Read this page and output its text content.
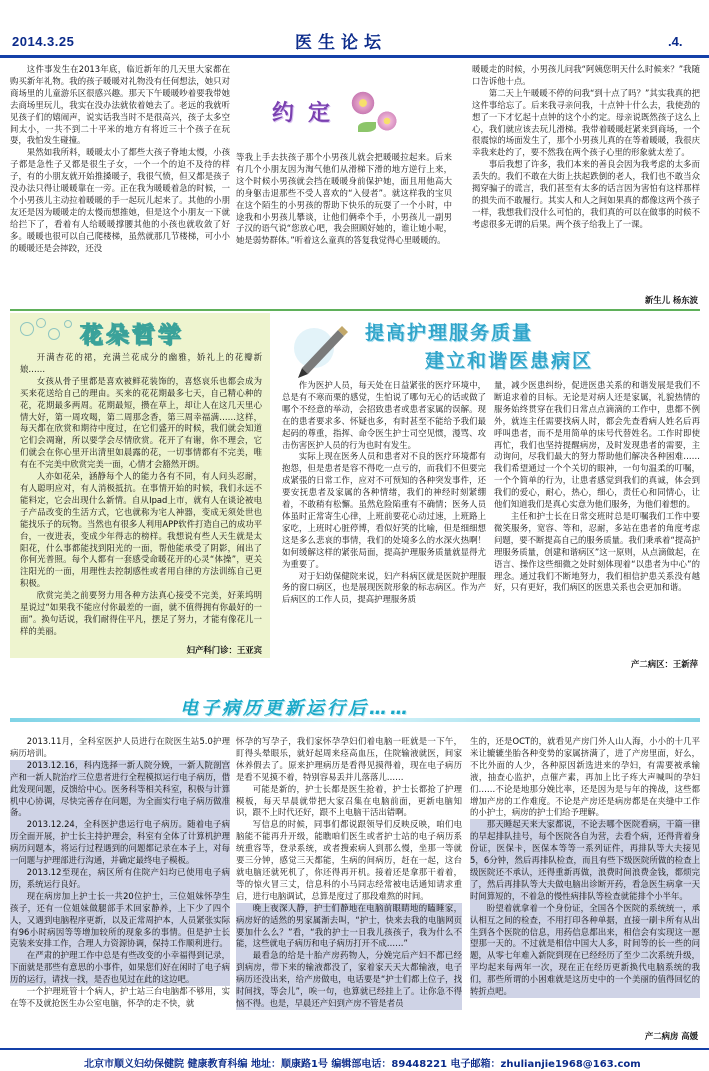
2014.3.25	医生论坛	.4.

这件事发生在2013年底，临近新年的几天里大家都在购买新年礼物。我的孩子暖暖对礼物没有任何想法，她只对商场里的儿童游乐区很感兴趣。那天下午暖暖吵着要我带她去商场里玩儿，我实在没办法就依着她去了。老远的我就听见孩子们的嬉闹声，说实话我当时不是很高兴，孩子太多空间太小，一共不到二十平米的地方有将近三十个孩子在玩耍，我怕发生碰撞。

果然如我所料，暖暖太小了都些大孩子脊地太慢，小孩子都是急性子又都是很生子女，一个一个的迫不及待的样子，有的小朋友就开始推搡暖子，我很气愤，但又都是孩子没办法只得让暖暖靠在一旁。正在我为暖暖着急的时候，一个小男孩儿主动拉着暖暖的手一起玩儿起来了。其他的小朋友还是因为暖暖走的太慢而想推她，但是这个小朋友一下就给拦下了，看着有人给暖暖撑腰其他的小孩也就收敛了好多。暖暖也很可以自己爬楼梯，虽然就那几节楼梯，可小小的暖暖还是会摔跤，还没

约定

等我上手去扶孩子那个小男孩儿就会把暖暖拉起来。后来有几个小朋友因为淘气他们从滑梯下滑的地方逆行上来，这个时候小男孩就会挡在暖暖身前保护她，面且用他高大的身躯击退那些不受人喜欢的“入侵者”。就这样我的宝贝在这个陌生的小男孩的帮助下快乐的玩耍了一个小时，中途我和小男孩儿攀谈，让他们俩牵个手，小男孩儿一副男子汉的语气说“您放心吧，我会照顾好她的，谁让她小呢，她是弱势群体。”听着这么童真的答复我觉得心里暖暖的。

暖暖走的时候，小男孩儿问我“阿姨您明天什么时候来？”我随口告诉他十点。

第二天上午暖暖不停的问我“到十点了吗？”其实我真的把这件事给忘了。后来我寻亲问我，十点钟十什么去，我使劲的想了一下才忆起十点钟的这个小约定。母亲说既然孩子这么上心，我们就应该去玩儿滑梯。我带着暖暖赶紧来到商场，一个很震惊的场面发生了，那个小男孩儿真的在等着暖暖，我很庆幸我来赴约了，要不然我在两个孩子心里的形象就太差了。

事后我想了许多，我们本来的善良会因为我考虑的太多而丢失的。我们不敢在大街上扶起跌倒的老人，我们也不敢当众揭穿骗子的谎言，我们甚至有太多的话言因为害怕有这样那样的损失而不敢履行。其实人和人之间如果真的都像这两个孩子一样，我想我们没什么可怕的，我们真的可以在做事的时候不考虑很多无谓的后果。两个孩子给我上了一课。

新生儿 杨东波
花朵哲学

开满杏花的裙，充满兰花成分的幽雅，娇礼上的花瓣新娘……

女孩从骨子里都是喜欢被鲜花装饰的，喜悠哀乐也都会成为买来花送给自己的理由。买来的花花期最多七天，自己精心种的花，花期最多两周。花期最短，攒在草上，却让人在这几天里心情大好，第一周攻喝，第二周那念香，第三周幸福满……这样，每天都在欣赏和期待中度过，在它们盛开的时候，我们就会知道它们会凋谢，所以要学会尽情欣赏。花开了有谢，你不理会，它们就会在你心里开出清里如晨露的花，一切事情都有不完美，唯有在不完美中欣赏完美一面，心情才会豁然开朗。

人亦如花朵，涵静每个人的能力各有不同，有人问头忍耐，有人聪明应对，有人消极抵抗。在事情开始的时候，我们永远不能料定，它会出现什么新情。自从Ipad上市，就有人在谈论被电子产品改变的生活方式，它也就称为宅人神器，变成无须处世也能找乐子的玩物。当然也有很多人利用APP软件打造自己的成功平台，一夜进表，变成少年得志的榜样。我想说有些人天生就是太阳花，什么事都能找到阳光的一面，帮他能承受了阴影，闹出了你何光普照。每个人都有一套感受命暖花开的心灵“体操”，更关注阳光的一面，用理性去控制感性或者用自律的方法训练自己更积极。

欣赏完美之前要努力用各种方法真心接受不完美，好莱坞明星说过“如果我不能应付你最差的一面，就不值得拥有你最好的一面”。换句话说，我们耐得住平凡，摆足了努力，才能有像花儿一样的美丽。

妇产科门诊：王亚宾
提高护理服务质量
建立和谐医患病区

作为医护人员，每天处在日益紧张的医疗环境中，总是有不寒而栗的感觉，生怕说了哪句无心的话或做了哪个不经意的举动，会招致患者或患者家属的误解。现在的患者要求多、怀疑也多，有时甚至不能给予我们最起码的尊重，指挥、命令医生护士司空见惯，漫骂、攻击伤害医护人员的行为也时有发生。

实际上现在医务人员和患者对不良的医疗环境都有抱怨，但是患者是容不得吃一点亏的，而我们不但要完成紧張的日常工作，应对不可预知的各种突发事件，还要安抚患者及家属的各种情绪，我们的神经时刻紧绷着，不敢稍有松懈。虽然危险陷重有不确情；医务人员体虽时正常寄生心律，上班前要花心动过速，上班路上家吃，上班时心脏停博，看似好笑的比喻，但是细细想这是多么悲哀的事情，我们的处境多么的水深火热啊！如何缓解这样的紧张局面，提高护理服务质量就显得尤为重要了。

对于妇幼保健院来说，妇产科病区就是医院护理服务的窗口病区，也是展现医院形象的标志病区。作为产后病区的工作人员，提高护理服务质

量，减少医患纠纷，促进医患关系的和谐发展是我们不断追求着的目标。无论是对病人还是家属，礼貌热情的服务始终贯穿在我们日常点点滴滴的工作中，患都不例外，就连主任需要找病人时，都会先查看病人姓名后再呼叫患者，而不是用简单的床号代替姓名。工作时即使再忙，我们也坚持提醒病房，及时发现患者的需要，主动询问，尽我们最大的努力帮助他们解决各种困难……我们希望通过一个个关切的眼神，一句句温柔的叮嘱，一个个简单的行为，让患者感觉到我们的真诚，体会到我们的爱心，耐心，热心，细心，责任心和同情心，让他们知道我们是真心实意为他们服务，为他们着想的。

主任和护士长在日常交班时总是叮嘱我们工作中要微笑服务，宽容、等和，忍耐，多站在患者的角度考虑问题，要不断提高自己的服务质量。我们秉承着“提高护理服务质量，创建和谐病区”这一原则，从点滴做起，在语言、操作这些细微之处时刻体现着“以患者为中心”的理念。通过我们不断地努力，我们相信护患关系没有越好，只有更好，我们病区的医患关系也会更加和谐。

产二病区：王新萍
电子病历更新运行后……

2013.11月，全科室医护人员进行在院医生站5.0护理病历培训。

2013.12.16，科内选择一新人院分娩，一新人院剖宫产和一新人院治疗三位患者进行全程模拟运行电子病历，借此发现问题，反馈给中心。医务科等相关科室，积极与计算机中心协调，尽快完善存在问题，为全面实行电子病历做准备。

2013.12.24，全科医护患运行电子病历。随着电子病历全面开展，护士长主持护理会，科室有全体了计算机护理病历问题本，将运行过程遇到的问题都记录在本子上，对每一问题与护理部进行沟通，并确定最终电子模板。

2013.12至现在，病区所有住院产妇均已使用电子病历，系统运行良好。

现在病房加上护士长一共20位护士，三位姐妹怀孕生孩子，还有一位姐妹做腿部手术回家静养，上下少了四个人，又遇到电脑程序更新，以及正常周护本，人员紧张实际有96小时病因等等增加较所的现象多的事情。但是护士长克装来安排工作，合理人力资源协调，保持工作顺利进行。

在严肃的护理工作中总是有些改变的小幸福得到记录，下面就是那些有意思的小事件，如果您们好在闲时了电子病历的运行，请找一找，是否也见过在此的这边吧。

一个护理班管十个病人，护士站三台电脑都不够用，实在等不及就抢医生办公室电脑，怀孕的走不快，就

怀孕的写孕子，我们家怀孕孕妇们着电脑一旺就是一下午，盯得头晕眼乐，就好起周来痉高血压，住院输液就医，间家休养假去了。原来护理病历是看得见摸得着，现在电子病历是看不见摸不着，特别容易丢并儿落落儿……

可能是新的，护士长都是医生抢着，护士长都抢了护理模板，每天早晨就带把大家召集在电脑前面，更新电脑知识，跟不上时代还好，跟不上电脑干活出错啊。

写信息的时候，同事们都说跟领导们反映反映，咱们电脑能不能再升开级，能瞧咱们医生或者护士站的电子病历系统重容等，登录系统，或者搜索病人到那么慢，坐那一等就要三分钟，感觉三天都能，生病的间病历，赶在一起，这台就电脑还就死机了，你还得再开机。接着还是拿那干着着，等的惊火冒三丈，信息科的小马同志经常被电话通知请求重启，进行电脑调试，总算是度过了那段难熬的时间。

晚上夜深人静，护士们静地在电脑前眼睛地的瞌睡家，病房好的适然的男家属渐去叫，“护士，快来去我的电脑网页要加什么么？”看，“我的护士一日我儿孩孩子，我为什么不能，这些就电子病历和电子病历打开不成……”

最看急的给是十胎产房药物人，分娩完后产妇不都已经到病房，带下来的输液都没了，家着家天天大都输液，电子病历还没出来，给产房做电，电话要是“护士们都上位子，找时间找，等会儿”，唉一句，也算就已经挂上了。让你急不得恼不得。也是，早晨还产妇到产房不管是者员

生的，还是OCT的，就看见产房门外人山人海，小小的十几平米让辘辘坐胎各种变势的家属挤满了，进了产房里面，好么，不比外面的人少，各种原因新选进来的孕妇，有需要被承输液，抽查心监护，点催产素，再加上比子疼大声喊叫的孕妇们……不论是地那分娩比率，还是因为是与年的搀战，这些都增加产房的工作难度。不论是产房还是病房都是在夹缝中工作的小护士，病房的护士们给予理解。

那天睡起天来大家都说，不论去哪个医院看病，干篇一律的早起排队挂号，每个医院各自为营，去看个病，还得背着身份证，医保卡，医保本等等一系列证件，再排队等大夫接见5，6分钟，然后再排队检查，而且有些下级医院所做的检查上级医院还不承认，还得重新再做，浪费时间浪费金钱，都烦完了，然后再排队等大夫做电脑出诊断开药，看急医生病拿一天时间算短的，不着急的慢性病排队等检查就能排个小半年。

盼望着就拿着一个身份证，全国各个医院的系统统一，承认相互之间的检查，不用打印各种单据，直接一刷卡所有从出生到各个医院的信息，用药信息都出来，相信会有实现这一愿望那一天的。不过就是相信中国大人多，时间等的长一些的问题，从零七年难入新院到现在已经经历了至少二次系统升级，平均起来每两年一次，现在正在经历更新换代电脑系统的我们，那些所谓的小困难就是这历史中的一个美丽的值得回忆的转折点吧。

产二病房 高媛
北京市顺义妇幼保健院 健康教育科编 地址：顺康路1号 编辑部电话：89448221 电子邮箱：zhulianjie1968@163.com
